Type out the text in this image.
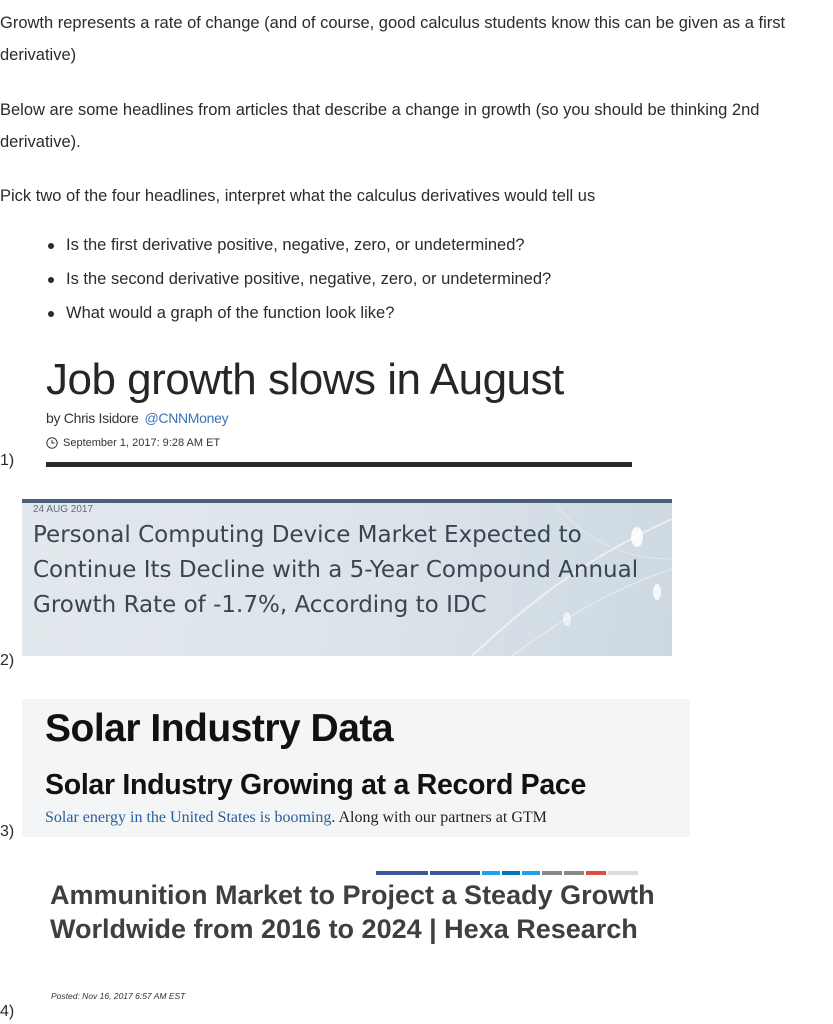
Growth represents a rate of change (and of course, good calculus students know this can be given as a first derivative)

Below are some headlines from articles that describe a change in growth (so you should be thinking 2nd derivative).

Pick two of the four headlines, interpret what the calculus derivatives would tell us

Is the first derivative positive, negative, zero, or undetermined?
Is the second derivative positive, negative, zero, or undetermined?
What would a graph of the function look like?
Job growth slows in August
by Chris Isidore @CNNMoney
September 1, 2017: 9:28 AM ET
1)
24 AUG 2017
Personal Computing Device Market Expected to Continue Its Decline with a 5-Year Compound Annual Growth Rate of -1.7%, According to IDC
2)
Solar Industry Data
Solar Industry Growing at a Record Pace
Solar energy in the United States is booming. Along with our partners at GTM
3)
Ammunition Market to Project a Steady Growth Worldwide from 2016 to 2024 | Hexa Research
Posted: Nov 16, 2017 6:57 AM EST
4)
